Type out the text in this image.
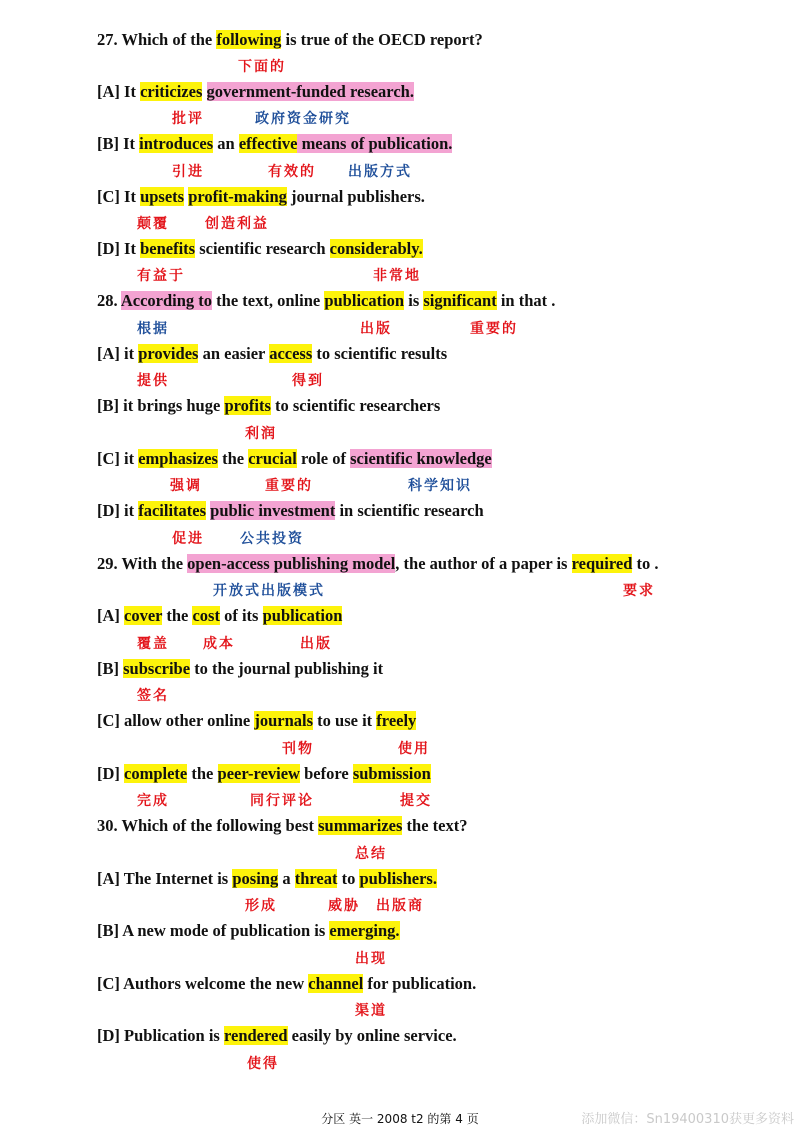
27. Which of the following is true of the OECD report?
[A] It criticizes government-funded research.
[B] It introduces an effective means of publication.
[C] It upsets profit-making journal publishers.
[D] It benefits scientific research considerably.
28. According to the text, online publication is significant in that .
[A] it provides an easier access to scientific results
[B] it brings huge profits to scientific researchers
[C] it emphasizes the crucial role of scientific knowledge
[D] it facilitates public investment in scientific research
29. With the open-access publishing model, the author of a paper is required to .
[A] cover the cost of its publication
[B] subscribe to the journal publishing it
[C] allow other online journals to use it freely
[D] complete the peer-review before submission
30. Which of the following best summarizes the text?
[A] The Internet is posing a threat to publishers.
[B] A new mode of publication is emerging.
[C] Authors welcome the new channel for publication.
[D] Publication is rendered easily by online service.
下面的
批评	政府资金研究
引进	有效的 出版方式
颠覆	创造利益
有益于	非常地
根据	出版	重要的
提供	得到
利润
强调	重要的	科学知识
促进	公共投资
开放式出版模式	要求
覆盖 成本	出版
签名
刊物	使用
完成	同行评论	提交
总结
形成	威胁 出版商
出现
渠道
使得
分区 英一 2008 t2 的第 4 页	添加微信：Sn19400310获更多资料
